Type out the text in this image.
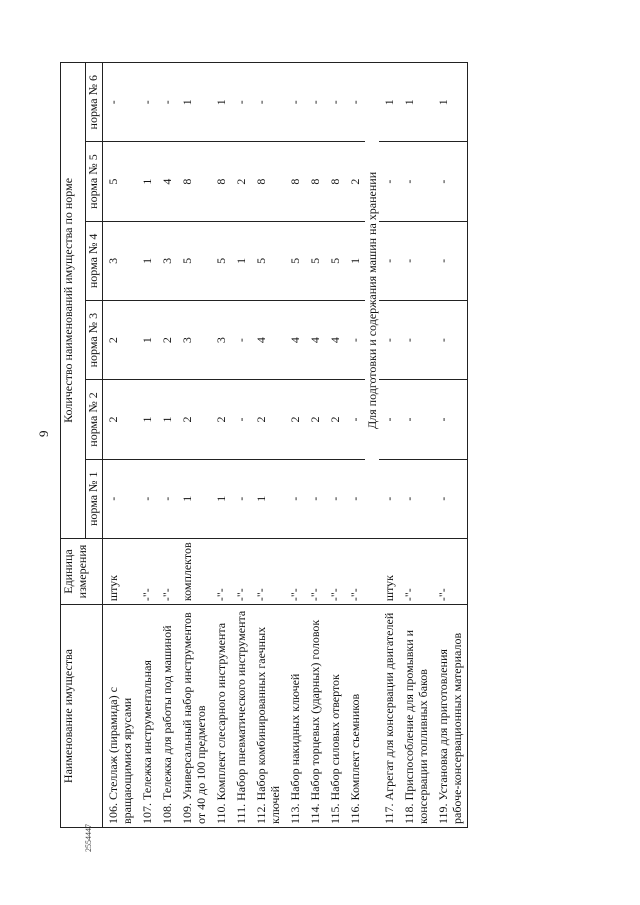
9
2554447
Наименование имущества	Единица измерения	Количество наименований имущества по норме					
		норма № 1	норма № 2	норма № 3	норма № 4	норма № 5	норма № 6
106. Стеллаж (пирамида) с вращающимися ярусами	штук	-	2	2	3	5	-
107. Тележка инструментальная	-"-	-	1	1	1	1	-
108. Тележка для работы под машиной	-"-	-	1	2	3	4	-
109. Универсальный набор инструментов от 40 до 100 предметов	комплектов	1	2	3	5	8	1
110. Комплект слесарного инструмента	-"-	1	2	3	5	8	1
111. Набор пневматического инструмента	-"-	-	-	-	1	2	-
112. Набор комбинированных гаечных ключей	-"-	1	2	4	5	8	-
113. Набор накидных ключей	-"-	-	2	4	5	8	-
114. Набор торцевых (ударных) головок	-"-	-	2	4	5	8	-
115. Набор силовых отверток	-"-	-	2	4	5	8	-
116. Комплект съемников	-"-	-	-	-	1	2	-
		Для подготовки и содержания машин на хранении					
117. Агрегат для консервации двигателей	штук	-	-	-	-	-	1
118. Приспособление для промывки и консервации топливных баков	-"-	-	-	-	-	-	1
119. Установка для приготовления рабоче-консервационных материалов	-"-	-	-	-	-	-	1
